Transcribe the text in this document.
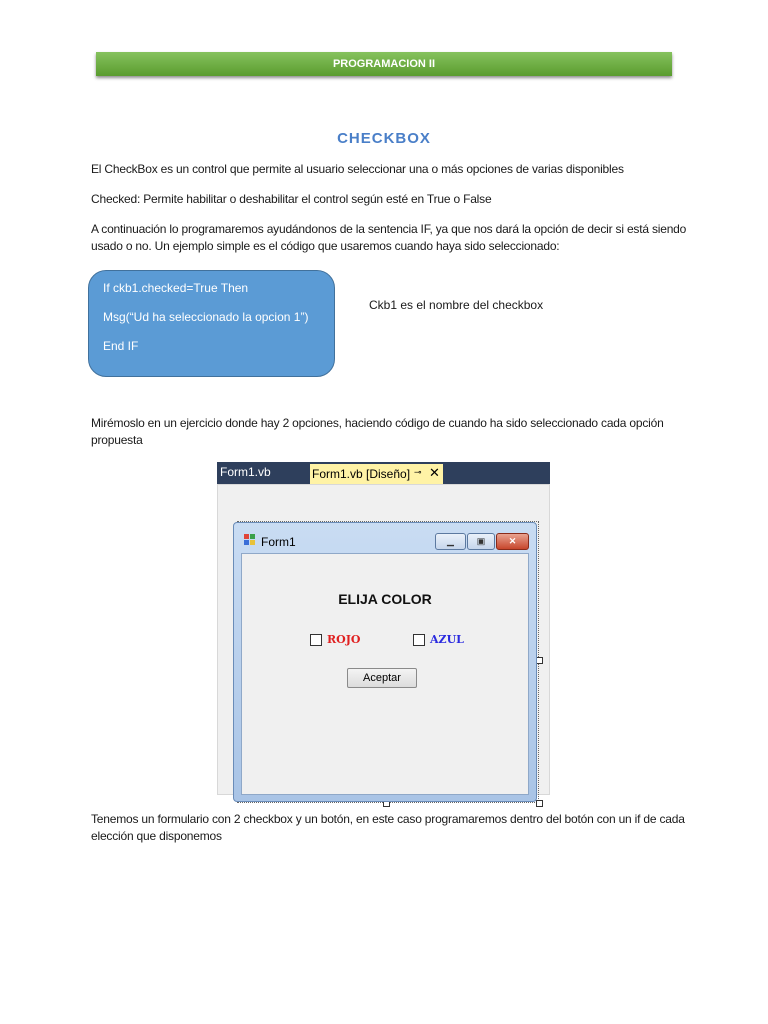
PROGRAMACION II
CHECKBOX
El CheckBox es un control que permite al usuario seleccionar una o más opciones de varias disponibles
Checked: Permite habilitar o deshabilitar el control según esté en True o False
A continuación lo programaremos ayudándonos de la sentencia IF, ya que nos dará la opción de decir si está siendo usado o no. Un ejemplo simple es el código que usaremos cuando haya sido seleccionado:
If ckb1.checked=True Then
Msg(“Ud ha seleccionado la opcion 1”)
End IF
Ckb1 es el nombre del checkbox
Mirémoslo en un ejercicio donde hay 2 opciones, haciendo código de cuando ha sido seleccionado cada opción propuesta
Form1.vb	Form1.vb [Diseño] ⊸ ✕
Form1	▁	▣	✕
ELIJA COLOR
ROJO	AZUL
Aceptar
Tenemos un formulario con 2 checkbox y un botón, en este caso programaremos dentro del botón con un if de cada elección que disponemos
